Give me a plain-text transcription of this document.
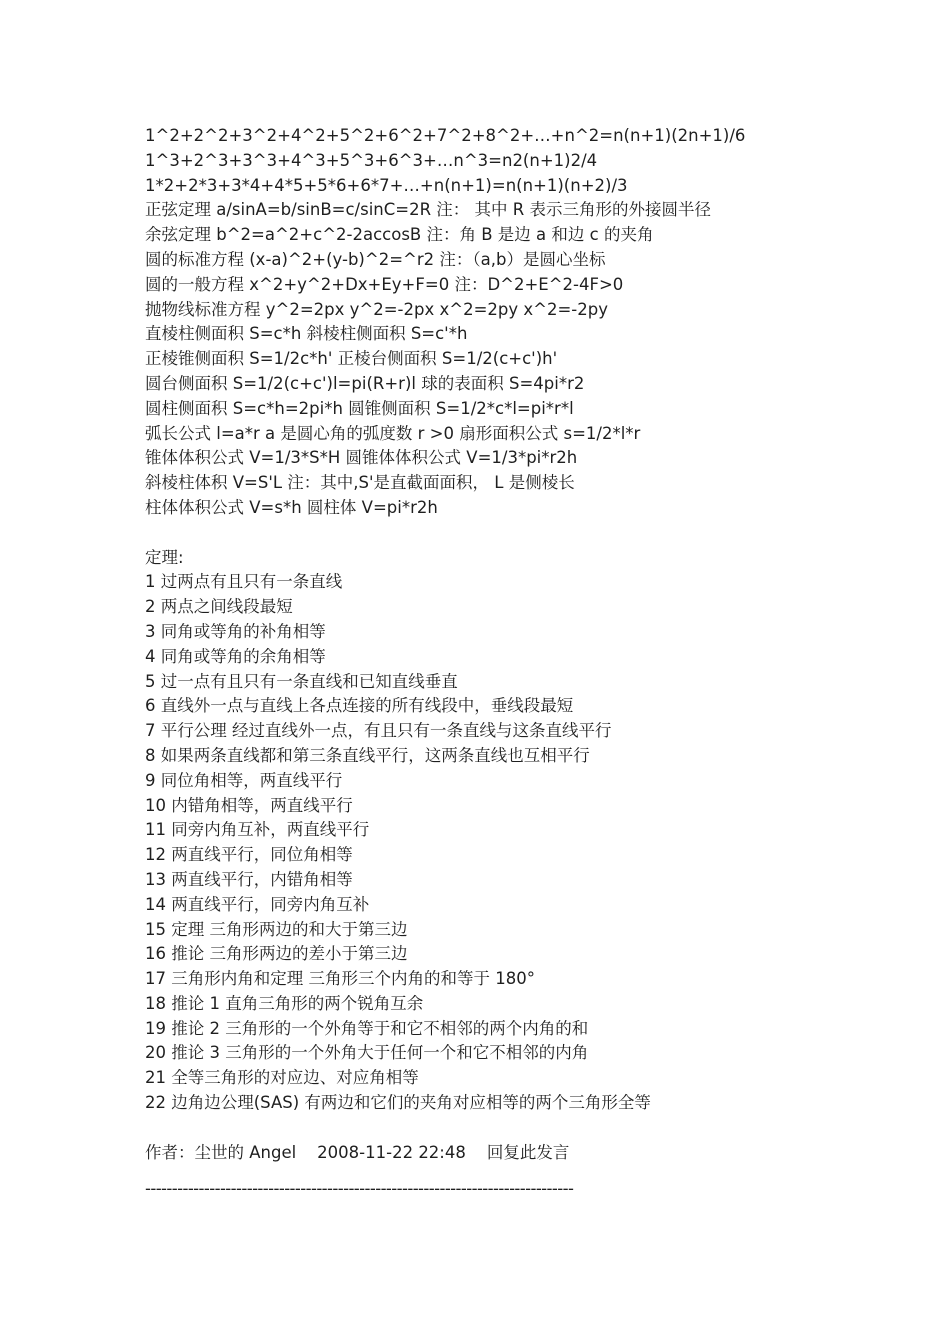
1^2+2^2+3^2+4^2+5^2+6^2+7^2+8^2+…+n^2=n(n+1)(2n+1)/6
1^3+2^3+3^3+4^3+5^3+6^3+…n^3=n2(n+1)2/4
1*2+2*3+3*4+4*5+5*6+6*7+…+n(n+1)=n(n+1)(n+2)/3
正弦定理 a/sinA=b/sinB=c/sinC=2R 注： 其中 R 表示三角形的外接圆半径
余弦定理 b^2=a^2+c^2-2accosB 注：角 B 是边 a 和边 c 的夹角
圆的标准方程 (x-a)^2+(y-b)^2=^r2 注：（a,b）是圆心坐标
圆的一般方程 x^2+y^2+Dx+Ey+F=0 注：D^2+E^2-4F>0
抛物线标准方程 y^2=2px y^2=-2px x^2=2py x^2=-2py
直棱柱侧面积 S=c*h 斜棱柱侧面积 S=c'*h
正棱锥侧面积 S=1/2c*h' 正棱台侧面积 S=1/2(c+c')h'
圆台侧面积 S=1/2(c+c')l=pi(R+r)l 球的表面积 S=4pi*r2
圆柱侧面积 S=c*h=2pi*h 圆锥侧面积 S=1/2*c*l=pi*r*l
弧长公式 l=a*r a 是圆心角的弧度数 r >0 扇形面积公式 s=1/2*l*r
锥体体积公式 V=1/3*S*H 圆锥体体积公式 V=1/3*pi*r2h
斜棱柱体积 V=S'L 注：其中,S'是直截面面积， L 是侧棱长
柱体体积公式 V=s*h 圆柱体 V=pi*r2h
定理:
1 过两点有且只有一条直线
2 两点之间线段最短
3 同角或等角的补角相等
4 同角或等角的余角相等
5 过一点有且只有一条直线和已知直线垂直
6 直线外一点与直线上各点连接的所有线段中，垂线段最短
7 平行公理 经过直线外一点，有且只有一条直线与这条直线平行
8 如果两条直线都和第三条直线平行，这两条直线也互相平行
9 同位角相等，两直线平行
10 内错角相等，两直线平行
11 同旁内角互补，两直线平行
12 两直线平行，同位角相等
13 两直线平行，内错角相等
14 两直线平行，同旁内角互补
15 定理 三角形两边的和大于第三边
16 推论 三角形两边的差小于第三边
17 三角形内角和定理 三角形三个内角的和等于 180°
18 推论 1 直角三角形的两个锐角互余
19 推论 2 三角形的一个外角等于和它不相邻的两个内角的和
20 推论 3 三角形的一个外角大于任何一个和它不相邻的内角
21 全等三角形的对应边、对应角相等
22 边角边公理(SAS) 有两边和它们的夹角对应相等的两个三角形全等
作者：尘世的 Angel    2008-11-22 22:48    回复此发言
--------------------------------------------------------------------------------
